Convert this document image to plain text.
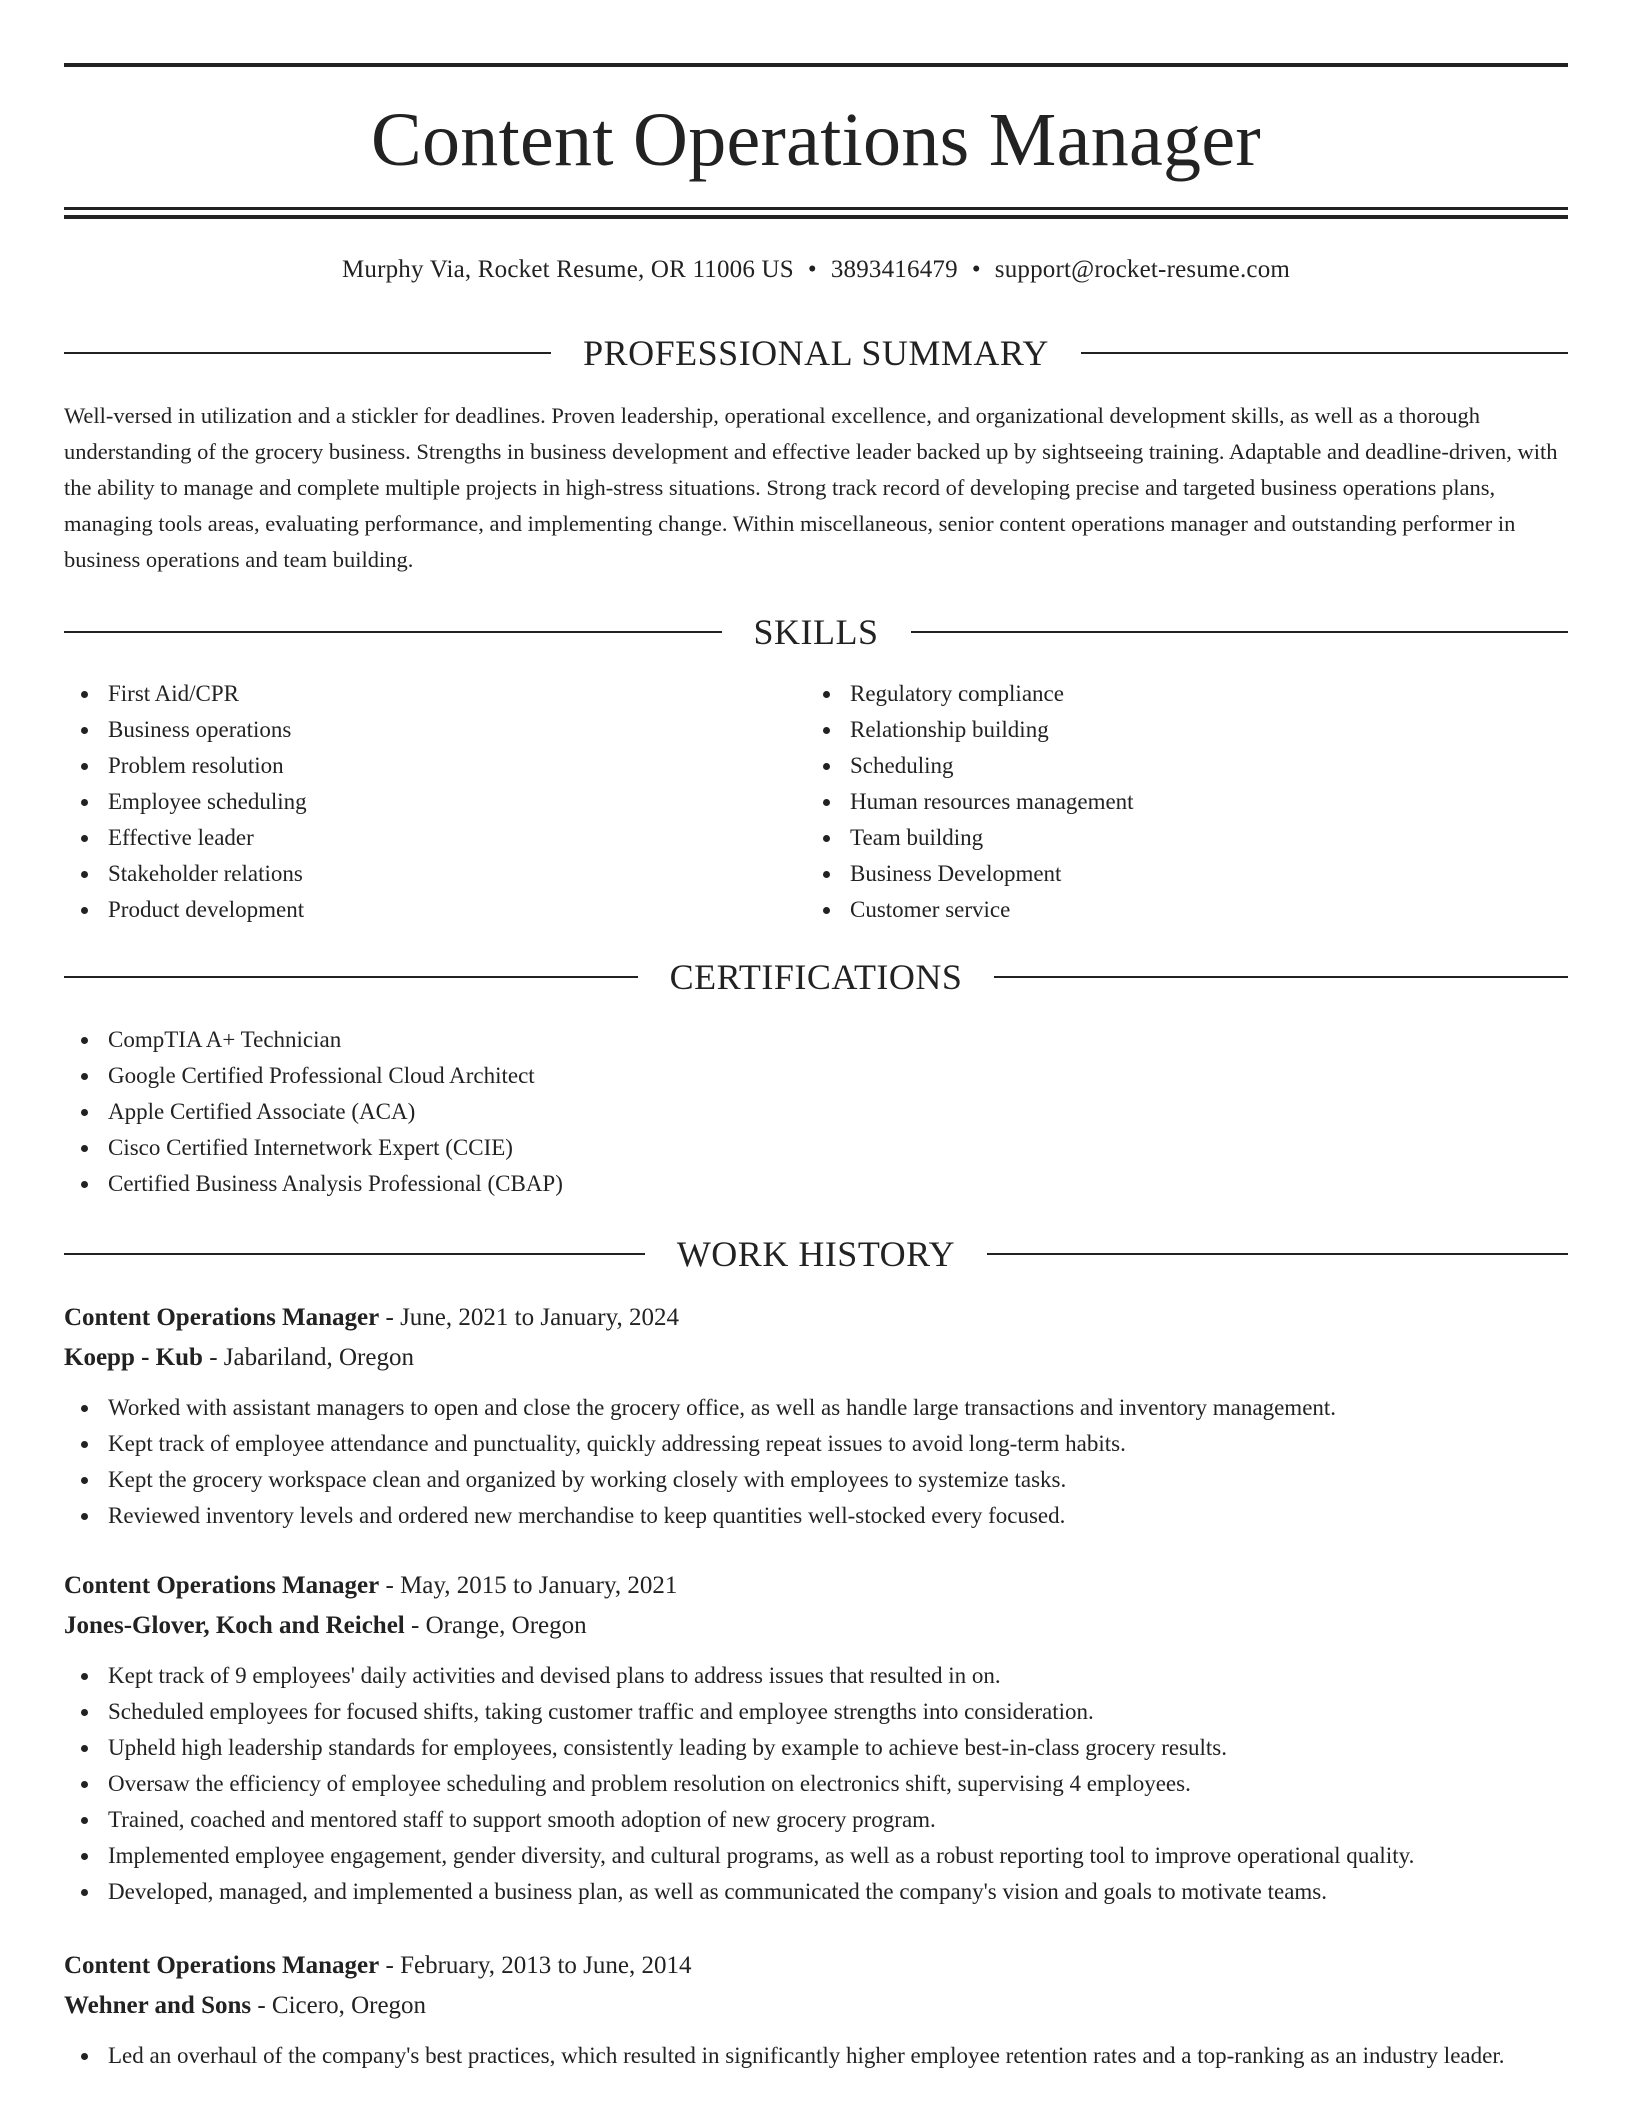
Content Operations Manager
Murphy Via, Rocket Resume, OR 11006 US • 3893416479 • support@rocket-resume.com
PROFESSIONAL SUMMARY

Well-versed in utilization and a stickler for deadlines. Proven leadership, operational excellence, and organizational development skills, as well as a thorough understanding of the grocery business. Strengths in business development and effective leader backed up by sightseeing training. Adaptable and deadline-driven, with the ability to manage and complete multiple projects in high-stress situations. Strong track record of developing precise and targeted business operations plans, managing tools areas, evaluating performance, and implementing change. Within miscellaneous, senior content operations manager and outstanding performer in business operations and team building.

SKILLS
First Aid/CPR
Business operations
Problem resolution
Employee scheduling
Effective leader
Stakeholder relations
Product development
Regulatory compliance
Relationship building
Scheduling
Human resources management
Team building
Business Development
Customer service
CERTIFICATIONS
CompTIA A+ Technician
Google Certified Professional Cloud Architect
Apple Certified Associate (ACA)
Cisco Certified Internetwork Expert (CCIE)
Certified Business Analysis Professional (CBAP)
WORK HISTORY

Content Operations Manager - June, 2021 to January, 2024

Koepp - Kub - Jabariland, Oregon

Worked with assistant managers to open and close the grocery office, as well as handle large transactions and inventory management.
Kept track of employee attendance and punctuality, quickly addressing repeat issues to avoid long-term habits.
Kept the grocery workspace clean and organized by working closely with employees to systemize tasks.
Reviewed inventory levels and ordered new merchandise to keep quantities well-stocked every focused.

Content Operations Manager - May, 2015 to January, 2021

Jones-Glover, Koch and Reichel - Orange, Oregon

Kept track of 9 employees' daily activities and devised plans to address issues that resulted in on.
Scheduled employees for focused shifts, taking customer traffic and employee strengths into consideration.
Upheld high leadership standards for employees, consistently leading by example to achieve best-in-class grocery results.
Oversaw the efficiency of employee scheduling and problem resolution on electronics shift, supervising 4 employees.
Trained, coached and mentored staff to support smooth adoption of new grocery program.
Implemented employee engagement, gender diversity, and cultural programs, as well as a robust reporting tool to improve operational quality.
Developed, managed, and implemented a business plan, as well as communicated the company's vision and goals to motivate teams.

Content Operations Manager - February, 2013 to June, 2014

Wehner and Sons - Cicero, Oregon

Led an overhaul of the company's best practices, which resulted in significantly higher employee retention rates and a top-ranking as an industry leader.
